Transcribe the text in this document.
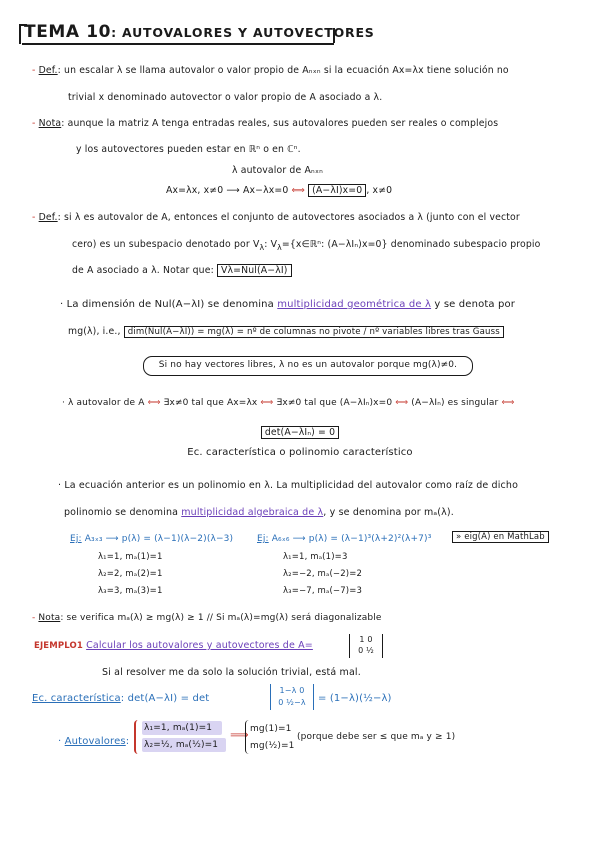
TEMA 10: AUTOVALORES Y AUTOVECTORES
- Def.: un escalar λ se llama autovalor o valor propio de Aₙₓₙ si la ecuación Ax=λx tiene solución no
trivial x denominado autovector o valor propio de A asociado a λ.
- Nota: aunque la matriz A tenga entradas reales, sus autovalores pueden ser reales o complejos
y los autovectores pueden estar en ℝⁿ o en ℂⁿ.
λ autovalor de Aₙₓₙ
Ax=λx, x≠0 ⟶ Ax−λx=0 ⟺ (A−λI)x=0 , x≠0
- Def.: si λ es autovalor de A, entonces el conjunto de autovectores asociados a λ (junto con el vector
cero) es un subespacio denotado por $V_\lambda$: $V_\lambda=\{x\in ℝ^n$: (A−λIₙ)x=0} denominado subespacio propio
de A asociado a λ. Notar que: Vλ=Nul(A−λI)
· La dimensión de Nul(A−λI) se denomina multiplicidad geométrica de λ y se denota por
mg(λ), i.e., dim(Nul(A−λI)) = mg(λ) = nº de columnas no pivote / nº variables libres tras Gauss
Si no hay vectores libres, λ no es un autovalor porque mg(λ)≠0.
· λ autovalor de A ⟺ ∃x≠0 tal que Ax=λx ⟺ ∃x≠0 tal que (A−λIₙ)x=0 ⟺ (A−λIₙ) es singular ⟺
det(A−λIₙ) = 0
Ec. característica o polinomio característico
· La ecuación anterior es un polinomio en λ. La multiplicidad del autovalor como raíz de dicho
polinomio se denomina multiplicidad algebraica de λ, y se denomina por mₐ(λ).
Ej: A₃ₓ₃ ⟶ p(λ) = (λ−1)(λ−2)(λ−3)
λ₁=1, mₐ(1)=1
λ₂=2, mₐ(2)=1
λ₃=3, mₐ(3)=1
Ej: A₆ₓ₆ ⟶ p(λ) = (λ−1)³(λ+2)²(λ+7)³
λ₁=1, mₐ(1)=3
λ₂=−2, mₐ(−2)=2
λ₃=−7, mₐ(−7)=3
» eig(A) en MathLab
- Nota: se verifica mₐ(λ) ≥ mg(λ) ≥ 1 // Si mₐ(λ)=mg(λ) será diagonalizable
EJEMPLO1 Calcular los autovalores y autovectores de A=
1 0
0 ½
Si al resolver me da solo la solución trivial, está mal.
Ec. característica: det(A−λI) = det
1−λ 0
0 ½−λ	= (1−λ)(½−λ)
· Autovalores:
λ₁=1, mₐ(1)=1
λ₂=½, mₐ(½)=1
⟹ mg(1)=1
mg(½)=1
(porque debe ser ≤ que mₐ y ≥ 1)
